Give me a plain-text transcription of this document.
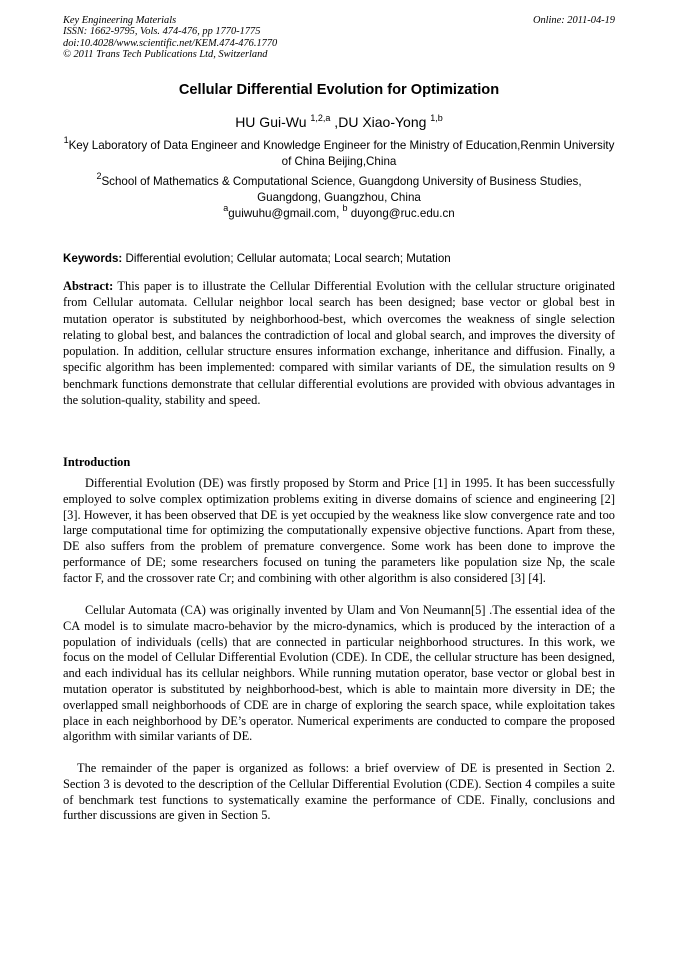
Key Engineering Materials
ISSN: 1662-9795, Vols. 474-476, pp 1770-1775
doi:10.4028/www.scientific.net/KEM.474-476.1770
© 2011 Trans Tech Publications Ltd, Switzerland
Online: 2011-04-19
Cellular Differential Evolution for Optimization
HU Gui-Wu $^{1,2,a}$ ,DU Xiao-Yong $^{1,b}$
$^1$Key Laboratory of Data Engineer and Knowledge Engineer for the Ministry of Education,Renmin University of China Beijing,China
$^2$School of Mathematics & Computational Science, Guangdong University of Business Studies, Guangdong, Guangzhou, China
$^a$guiwuhu@gmail.com, $^b$ duyong@ruc.edu.cn
Keywords: Differential evolution; Cellular automata; Local search; Mutation
Abstract: This paper is to illustrate the Cellular Differential Evolution with the cellular structure originated from Cellular automata. Cellular neighbor local search has been designed; base vector or global best in mutation operator is substituted by neighborhood-best, which overcomes the weakness of single selection relating to global best, and balances the contradiction of local and global search, and improves the diversity of population. In addition, cellular structure ensures information exchange, inheritance and diffusion. Finally, a specific algorithm has been implemented: compared with similar variants of DE, the simulation results on 9 benchmark functions demonstrate that cellular differential evolutions are provided with obvious advantages in the solution-quality, stability and speed.
Introduction
Differential Evolution (DE) was firstly proposed by Storm and Price [1] in 1995. It has been successfully employed to solve complex optimization problems exiting in diverse domains of science and engineering [2][3]. However, it has been observed that DE is yet occupied by the weakness like slow convergence rate and too large computational time for optimizing the computationally expensive objective functions. Apart from these, DE also suffers from the problem of premature convergence. Some work has been done to improve the performance of DE; some researchers focused on tuning the parameters like population size Np, the scale factor F, and the crossover rate Cr; and combining with other algorithm is also considered [3] [4].
Cellular Automata (CA) was originally invented by Ulam and Von Neumann[5] .The essential idea of the CA model is to simulate macro-behavior by the micro-dynamics, which is produced by the interaction of a population of individuals (cells) that are connected in particular neighborhood structures. In this work, we focus on the model of Cellular Differential Evolution (CDE). In CDE, the cellular structure has been designed, and each individual has its cellular neighbors. While running mutation operator, base vector or global best in mutation operator is substituted by neighborhood-best, which is able to maintain more diversity in DE; the overlapped small neighborhoods of CDE are in charge of exploring the search space, while exploitation takes place in each neighborhood by DE’s operator. Numerical experiments are conducted to compare the proposed algorithm with similar variants of DE.
The remainder of the paper is organized as follows: a brief overview of DE is presented in Section 2. Section 3 is devoted to the description of the Cellular Differential Evolution (CDE). Section 4 compiles a suite of benchmark test functions to systematically examine the performance of CDE. Finally, conclusions and further discussions are given in Section 5.
